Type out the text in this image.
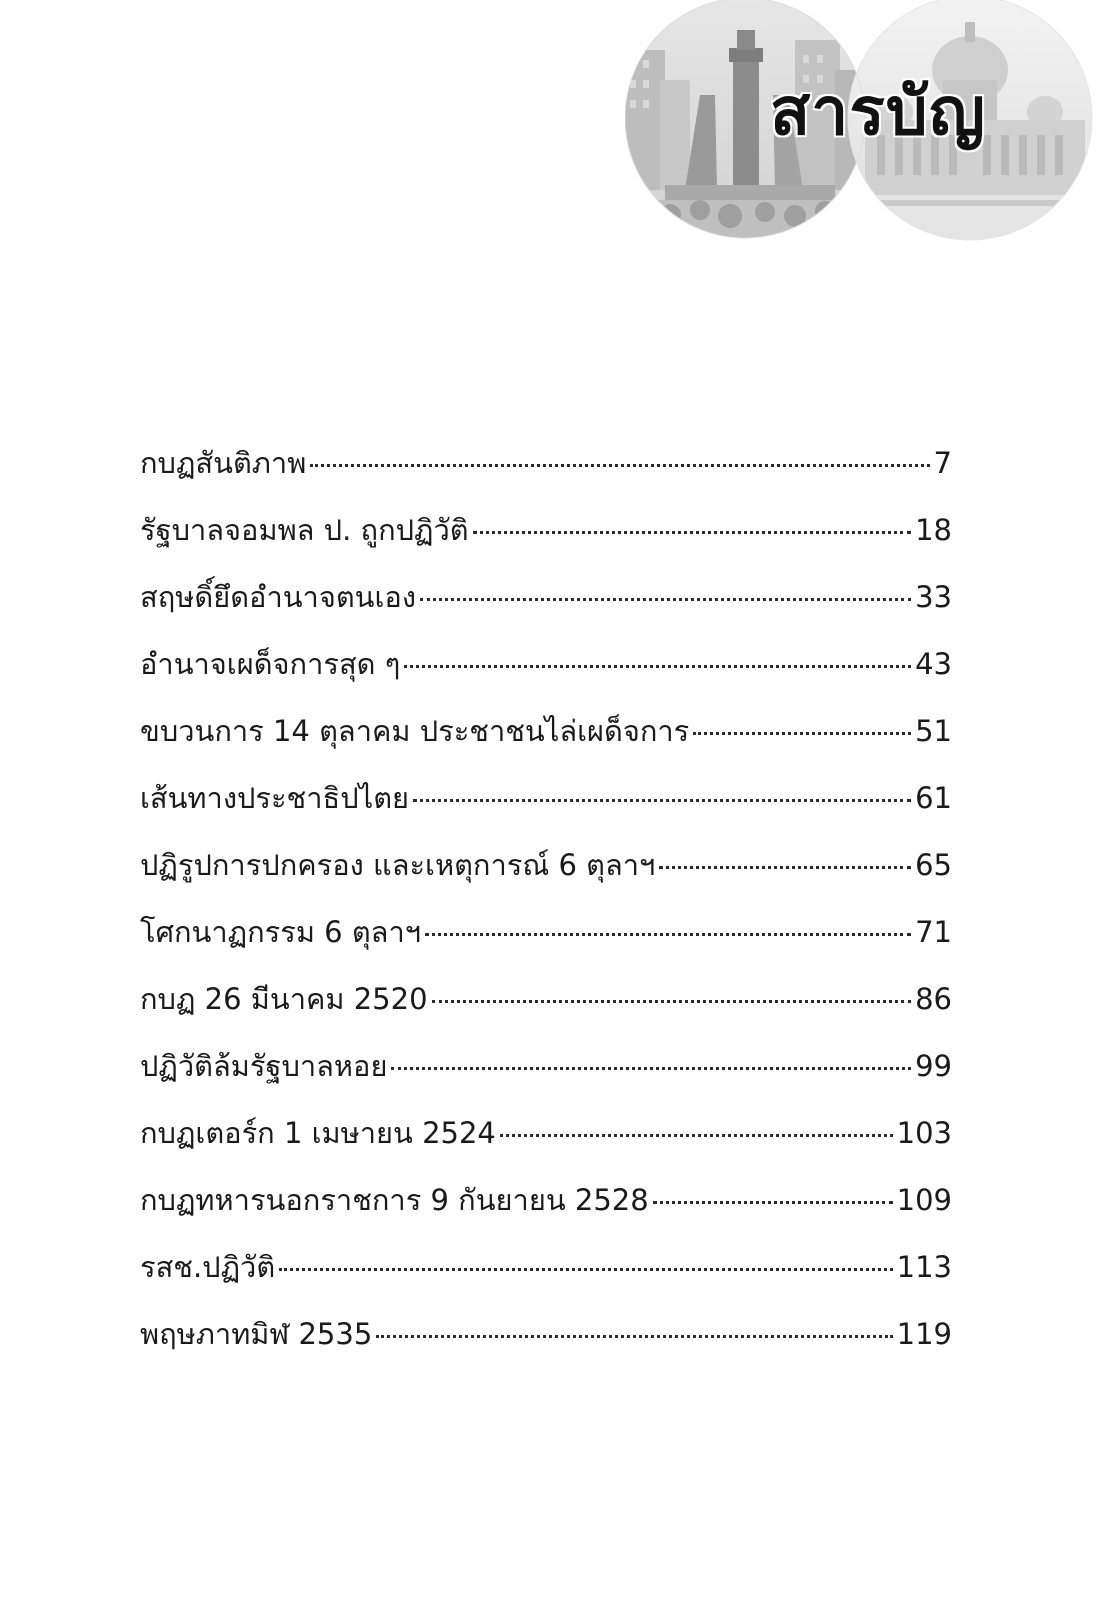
สารบัญ
กบฏสันติภาพ	7
รัฐบาลจอมพล ป. ถูกปฏิวัติ	18
สฤษดิ์ยึดอำนาจตนเอง	33
อำนาจเผด็จการสุด ๆ	43
ขบวนการ 14 ตุลาคม ประชาชนไล่เผด็จการ	51
เส้นทางประชาธิปไตย	61
ปฏิรูปการปกครอง และเหตุการณ์ 6 ตุลาฯ	65
โศกนาฏกรรม 6 ตุลาฯ	71
กบฏ 26 มีนาคม 2520	86
ปฏิวัติล้มรัฐบาลหอย	99
กบฏเตอร์ก 1 เมษายน 2524	103
กบฏทหารนอกราชการ 9 กันยายน 2528	109
รสช.ปฏิวัติ	113
พฤษภาทมิฬ 2535	119
